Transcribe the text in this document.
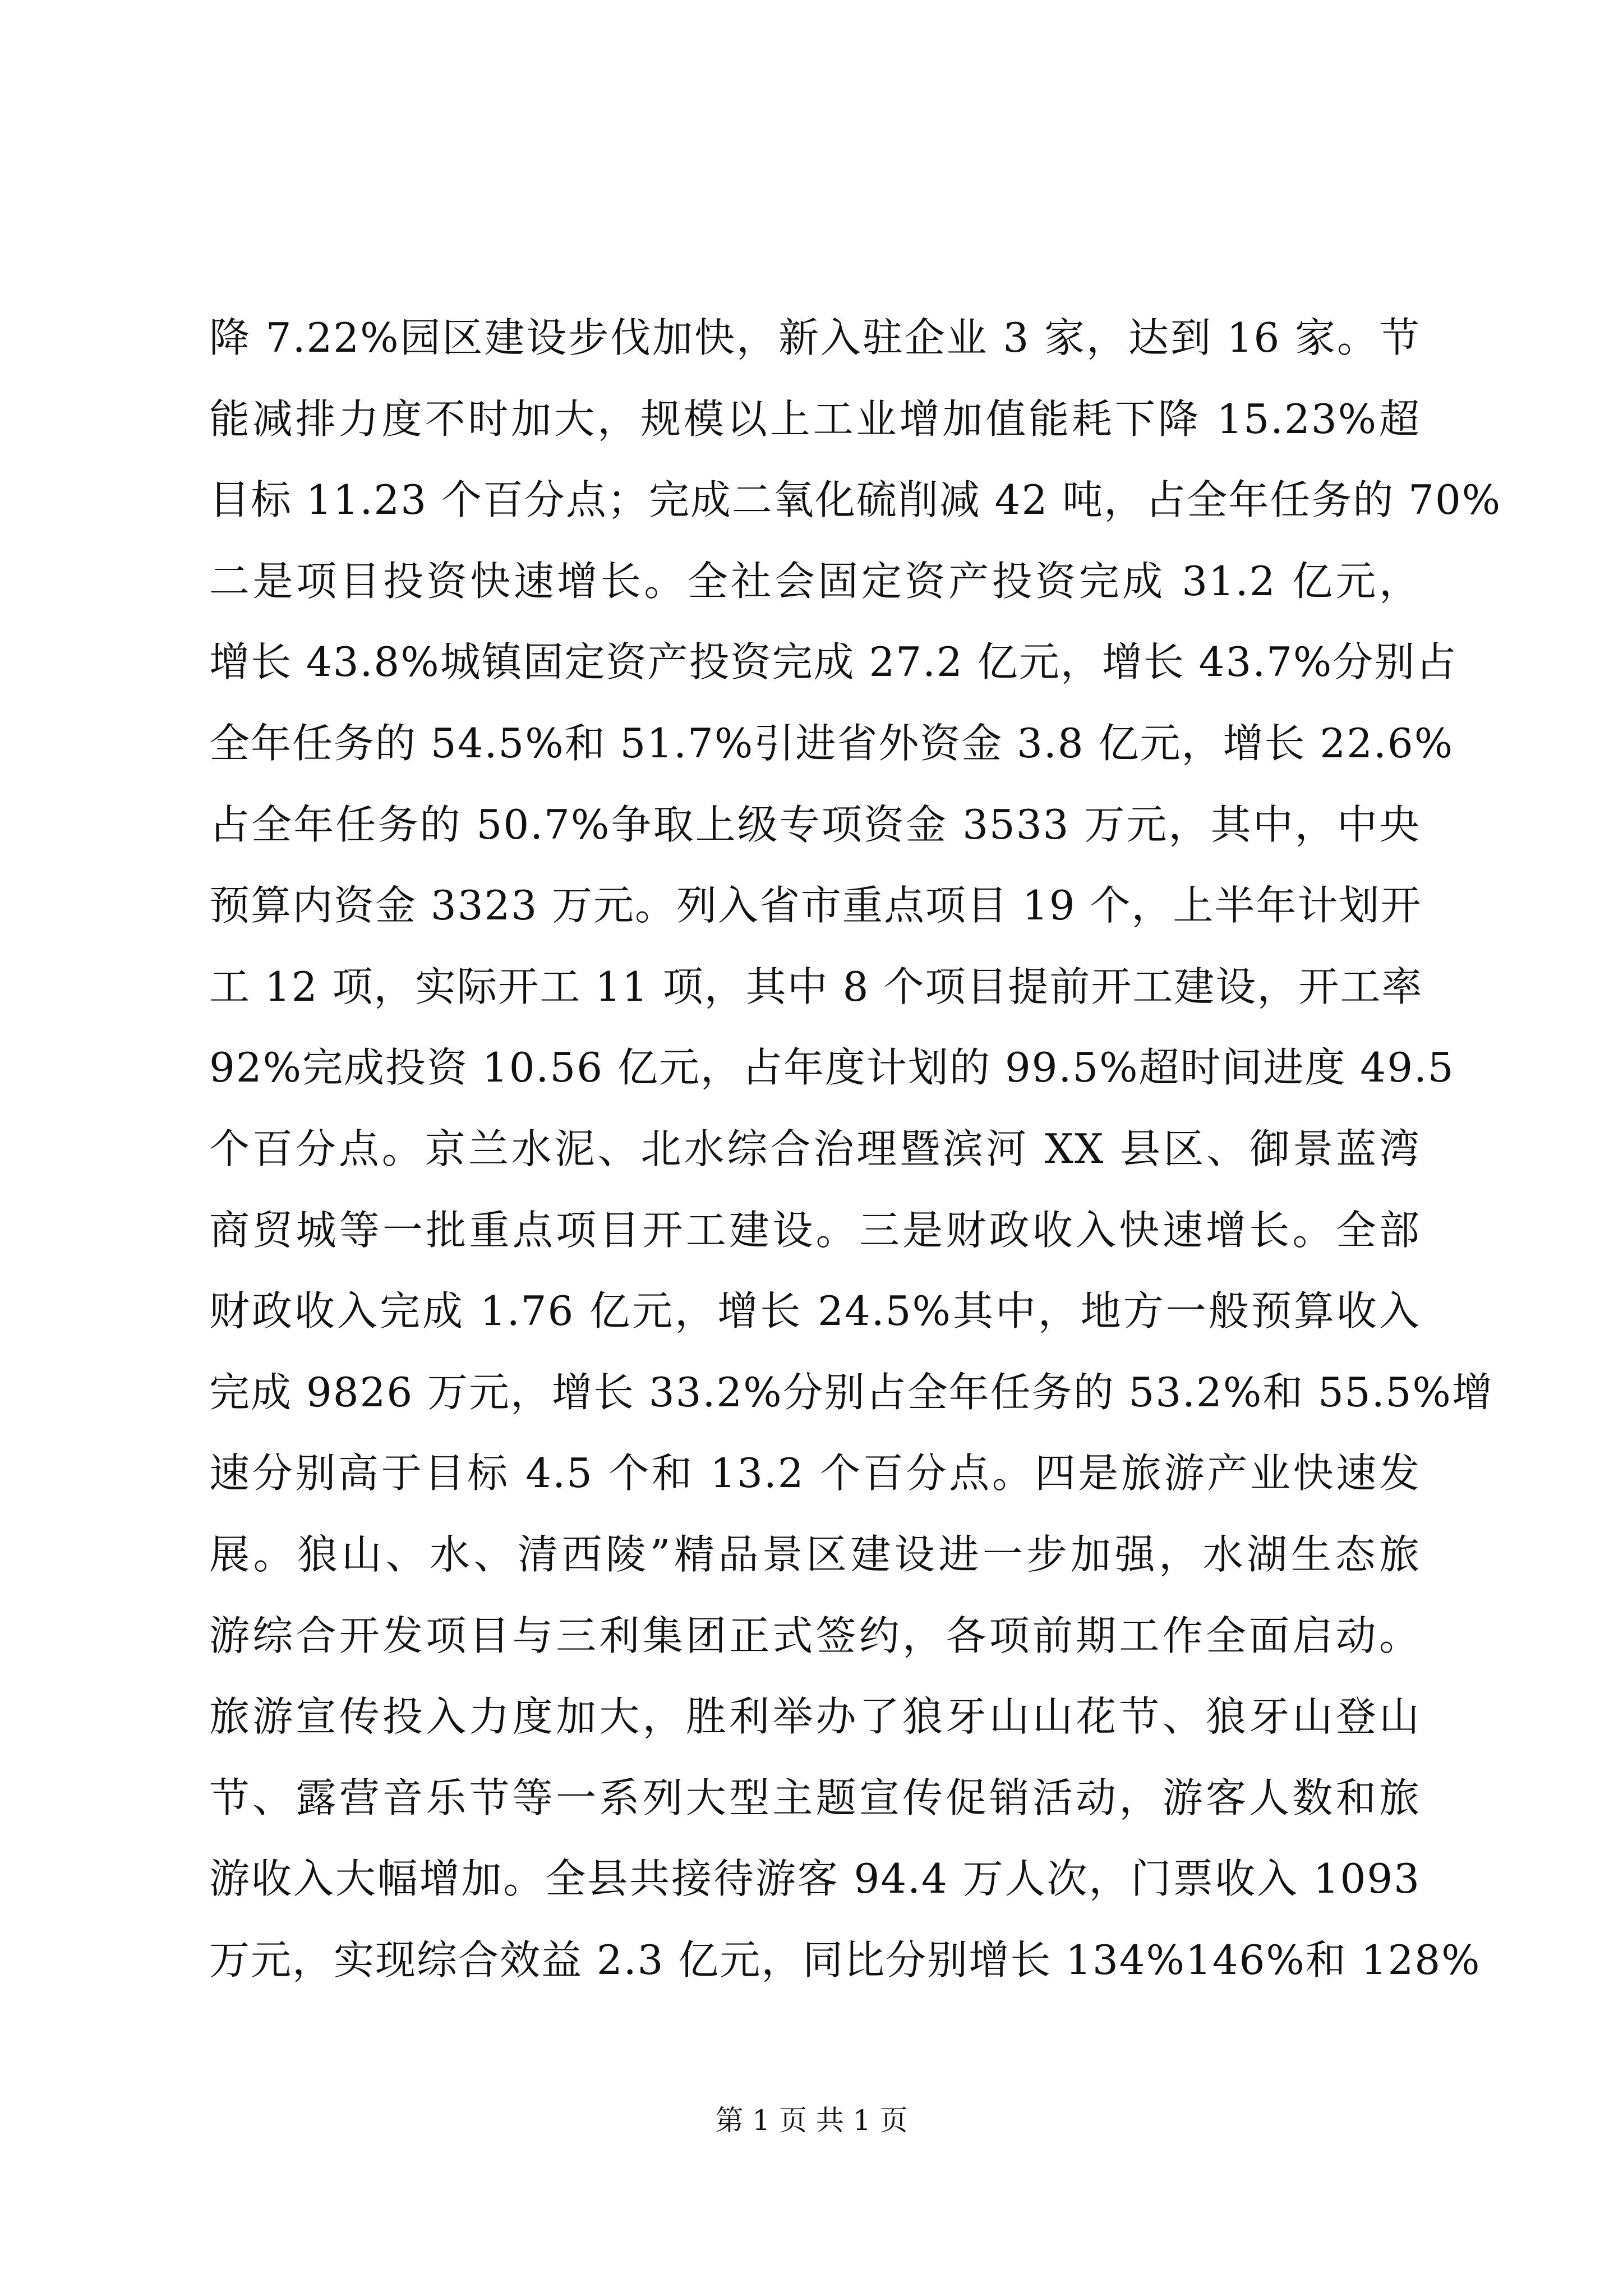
降 7.22%园区建设步伐加快，新入驻企业 3 家，达到 16 家。节
能减排力度不时加大，规模以上工业增加值能耗下降 15.23%超
目标 11.23 个百分点；完成二氧化硫削减 42 吨，占全年任务的 70%
二是项目投资快速增长。全社会固定资产投资完成 31.2 亿元，
增长 43.8%城镇固定资产投资完成 27.2 亿元，增长 43.7%分别占
全年任务的 54.5%和 51.7%引进省外资金 3.8 亿元，增长 22.6%
占全年任务的 50.7%争取上级专项资金 3533 万元，其中，中央
预算内资金 3323 万元。列入省市重点项目 19 个，上半年计划开
工 12 项，实际开工 11 项，其中 8 个项目提前开工建设，开工率
92%完成投资 10.56 亿元，占年度计划的 99.5%超时间进度 49.5
个百分点。京兰水泥、北水综合治理暨滨河 XX 县区、御景蓝湾
商贸城等一批重点项目开工建设。三是财政收入快速增长。全部
财政收入完成 1.76 亿元，增长 24.5%其中，地方一般预算收入
完成 9826 万元，增长 33.2%分别占全年任务的 53.2%和 55.5%增
速分别高于目标 4.5 个和 13.2 个百分点。四是旅游产业快速发
展。狼山、水、清西陵”精品景区建设进一步加强，水湖生态旅
游综合开发项目与三利集团正式签约，各项前期工作全面启动。
旅游宣传投入力度加大，胜利举办了狼牙山山花节、狼牙山登山
节、露营音乐节等一系列大型主题宣传促销活动，游客人数和旅
游收入大幅增加。全县共接待游客 94.4 万人次，门票收入 1093
万元，实现综合效益 2.3 亿元，同比分别增长 134%146%和 128%
第 1 页 共 1 页
